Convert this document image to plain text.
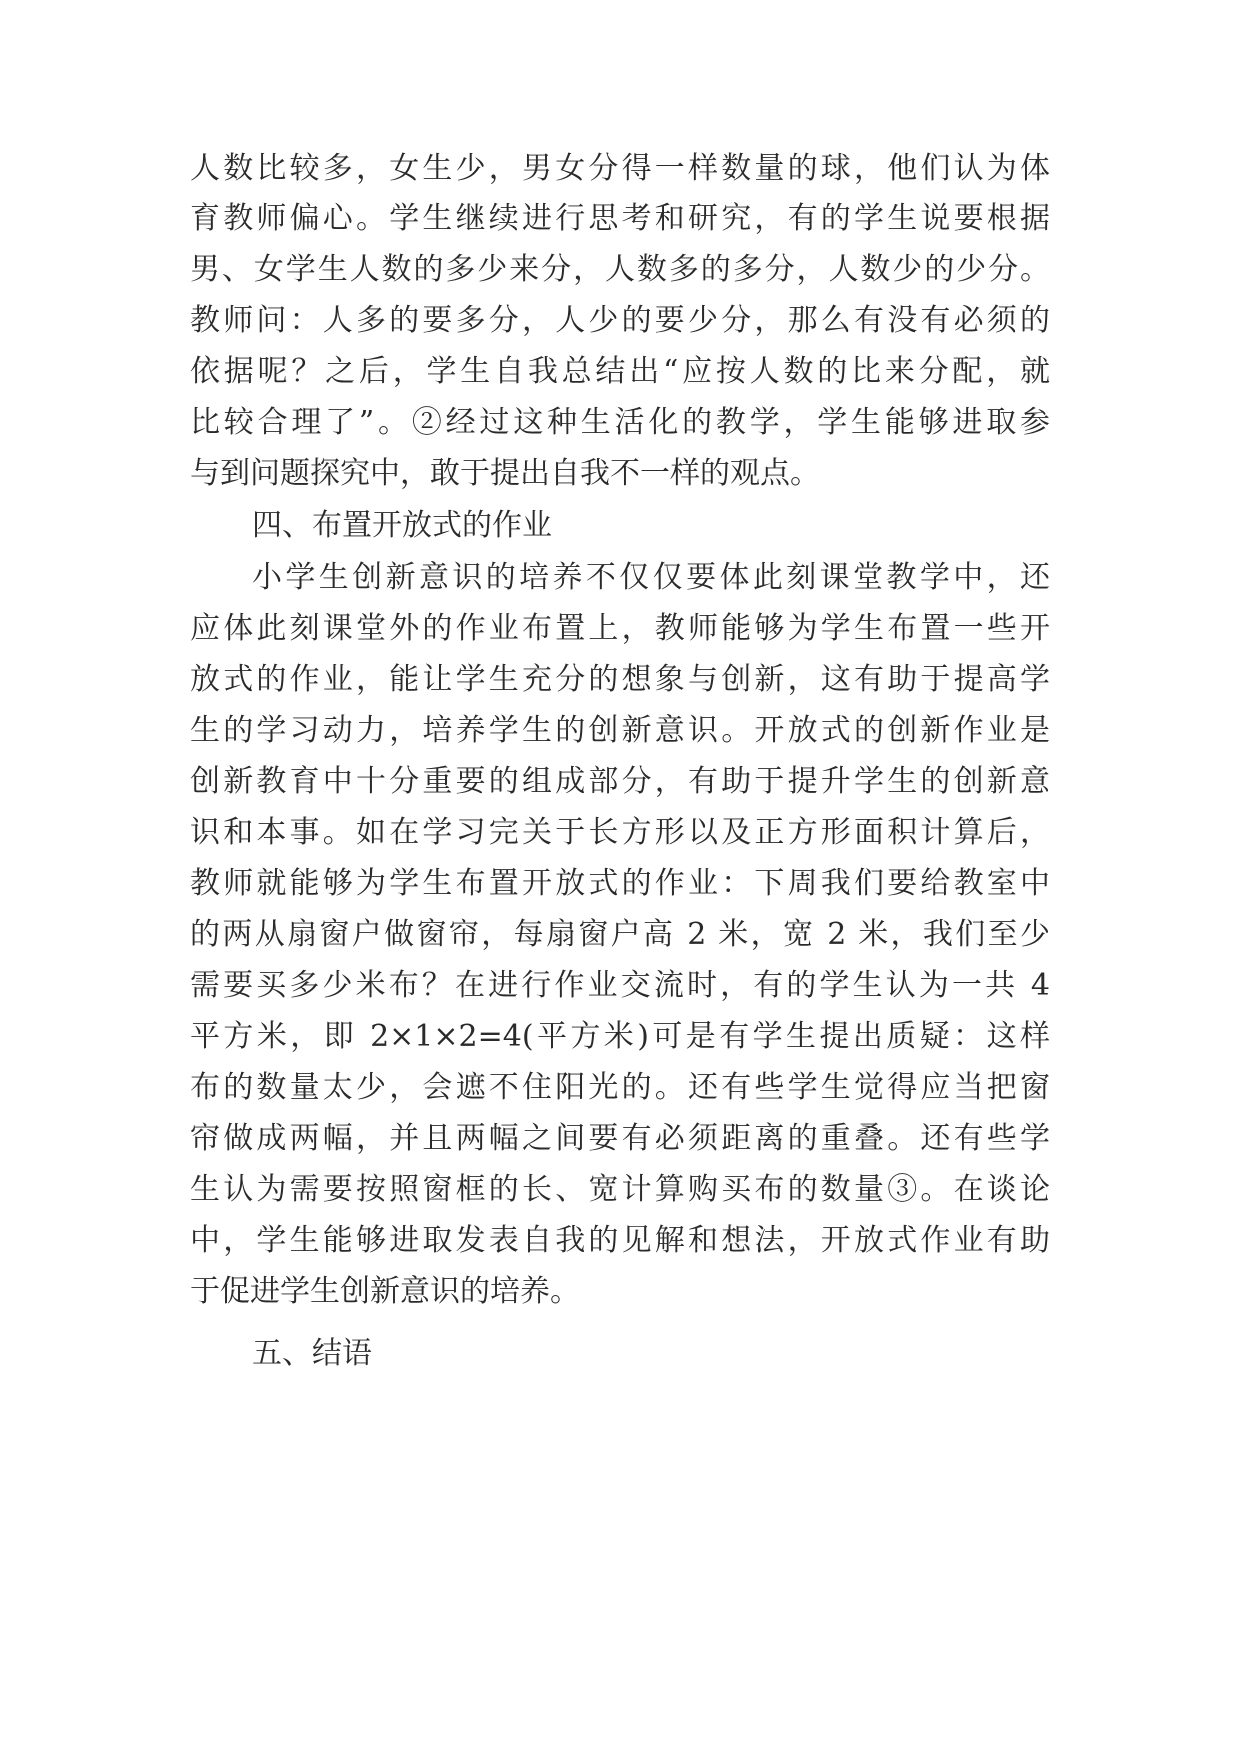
人数比较多，女生少，男女分得一样数量的球，他们认为体
育教师偏心。学生继续进行思考和研究，有的学生说要根据
男、女学生人数的多少来分，人数多的多分，人数少的少分。
教师问：人多的要多分，人少的要少分，那么有没有必须的
依据呢？之后，学生自我总结出“应按人数的比来分配，就
比较合理了”。②经过这种生活化的教学，学生能够进取参
与到问题探究中，敢于提出自我不一样的观点。
四、布置开放式的作业
小学生创新意识的培养不仅仅要体此刻课堂教学中，还
应体此刻课堂外的作业布置上，教师能够为学生布置一些开
放式的作业，能让学生充分的想象与创新，这有助于提高学
生的学习动力，培养学生的创新意识。开放式的创新作业是
创新教育中十分重要的组成部分，有助于提升学生的创新意
识和本事。如在学习完关于长方形以及正方形面积计算后，
教师就能够为学生布置开放式的作业：下周我们要给教室中
的两从扇窗户做窗帘，每扇窗户高 2 米，宽 2 米，我们至少
需要买多少米布？在进行作业交流时，有的学生认为一共 4
平方米，即 2×1×2=4(平方米)可是有学生提出质疑：这样
布的数量太少，会遮不住阳光的。还有些学生觉得应当把窗
帘做成两幅，并且两幅之间要有必须距离的重叠。还有些学
生认为需要按照窗框的长、宽计算购买布的数量③。在谈论
中，学生能够进取发表自我的见解和想法，开放式作业有助
于促进学生创新意识的培养。
五、结语
